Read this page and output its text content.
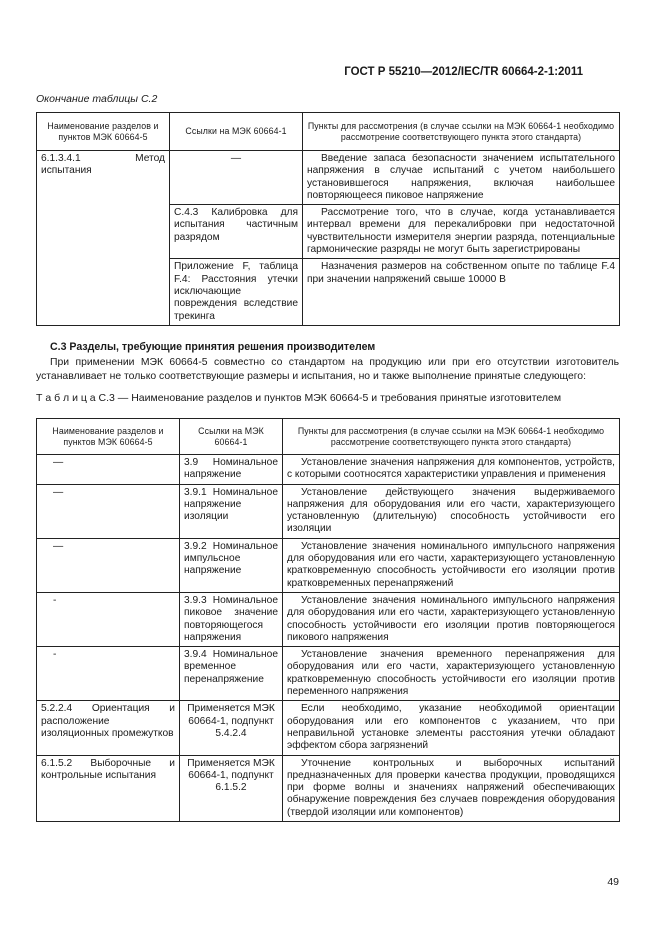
ГОСТ Р 55210—2012/IEC/TR 60664-2-1:2011
Окончание таблицы С.2
Наименование разделов и пунктов МЭК 60664-5	Ссылки на МЭК 60664-1	Пункты для рассмотрения (в случае ссылки на МЭК 60664-1 необходимо рассмотрение соответствующего пункта этого стандарта)
6.1.3.4.1 Метод испытания	—	Введение запаса безопасности значением испытательного напряжения в случае испытаний с учетом наибольшего установившегося напряжения, включая наибольшее повторяющееся пиковое напряжение
	С.4.3 Калибровка для испытания частичным разрядом	Рассмотрение того, что в случае, когда устанавливается интервал времени для перекалибровки при недостаточной чувствительности измерителя энергии разряда, потенциальные гармонические разряды не могут быть зарегистрированы
	Приложение F, таблица F.4: Расстояния утечки исключающие повреждения вследствие трекинга	Назначения размеров на собственном опыте по таблице F.4 при значении напряжений свыше 10000 В
С.3 Разделы, требующие принятия решения производителем
При применении МЭК 60664-5 совместно со стандартом на продукцию или при его отсутствии изготовитель устанавливает не только соответствующие размеры и испытания, но и также выполнение принятые следующего:
Т а б л и ц а С.3 — Наименование разделов и пунктов МЭК 60664-5 и требования принятые изготовителем
Наименование разделов и пунктов МЭК 60664-5	Ссылки на МЭК 60664-1	Пункты для рассмотрения (в случае ссылки на МЭК 60664-1 необходимо рассмотрение соответствующего пункта этого стандарта)
—	3.9 Номинальное напряжение	Установление значения напряжения для компонентов, устройств, с которыми соотносятся характеристики управления и применения
—	3.9.1 Номинальное напряжение изоляции	Установление действующего значения выдерживаемого напряжения для оборудования или его части, характеризующего установленную (длительную) способность устойчивости его изоляции
—	3.9.2 Номинальное импульсное напряжение	Установление значения номинального импульсного напряжения для оборудования или его части, характеризующего установленную кратковременную способность устойчивости его изоляции против кратковременных перенапряжений
-	3.9.3 Номинальное пиковое значение повторяющегося напряжения	Установление значения номинального импульсного напряжения для оборудования или его части, характеризующего установленную способность устойчивости его изоляции против повторяющегося пикового напряжения
-	3.9.4 Номинальное временное перенапряжение	Установление значения временного перенапряжения для оборудования или его части, характеризующего установленную кратковременную способность устойчивости его изоляции против переменного напряжения
5.2.2.4 Ориентация и расположение изоляционных промежутков	Применяется МЭК 60664-1, подпункт 5.4.2.4	Если необходимо, указание необходимой ориентации оборудования или его компонентов с указанием, что при неправильной установке элементы расстояния утечки обладают эффектом сбора загрязнений
6.1.5.2 Выборочные и контрольные испытания	Применяется МЭК 60664-1, подпункт 6.1.5.2	Уточнение контрольных и выборочных испытаний предназначенных для проверки качества продукции, проводящихся при форме волны и значениях напряжений обеспечивающих обнаружение повреждения без случаев повреждения оборудования (твердой изоляции или компонентов)
49
